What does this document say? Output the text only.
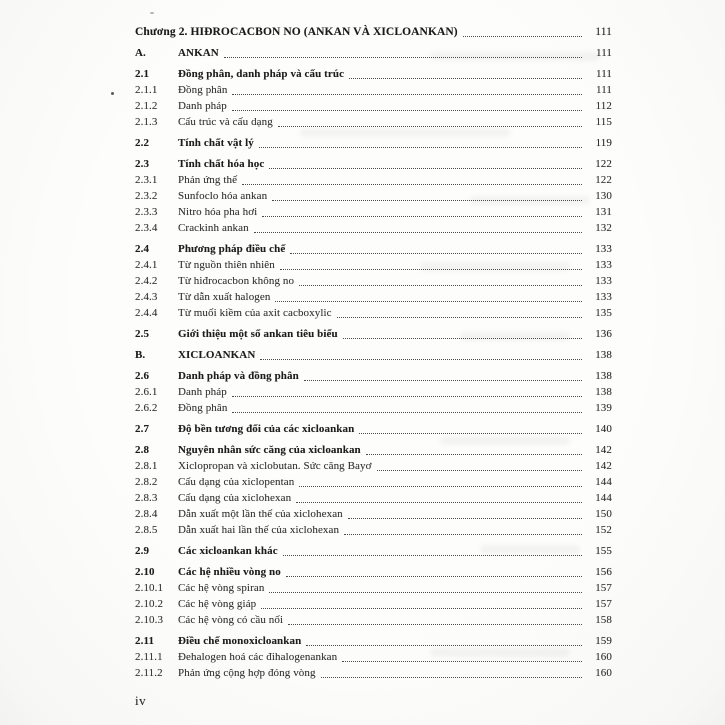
Chương 2. HIĐROCACBON NO (ANKAN VÀ XICLOANKAN)	111
A.	ANKAN	111
2.1	Đồng phân, danh pháp và cấu trúc	111
2.1.1	Đồng phân	111
2.1.2	Danh pháp	112
2.1.3	Cấu trúc và cấu dạng	115
2.2	Tính chất vật lý	119
2.3	Tính chất hóa học	122
2.3.1	Phản ứng thế	122
2.3.2	Sunfoclo hóa ankan	130
2.3.3	Nitro hóa pha hơi	131
2.3.4	Crackinh ankan	132
2.4	Phương pháp điều chế	133
2.4.1	Từ nguồn thiên nhiên	133
2.4.2	Từ hiđrocacbon không no	133
2.4.3	Từ dẫn xuất halogen	133
2.4.4	Từ muối kiềm của axit cacboxylic	135
2.5	Giới thiệu một số ankan tiêu biểu	136
B.	XICLOANKAN	138
2.6	Danh pháp và đồng phân	138
2.6.1	Danh pháp	138
2.6.2	Đồng phân	139
2.7	Độ bền tương đối của các xicloankan	140
2.8	Nguyên nhân sức căng của xicloankan	142
2.8.1	Xiclopropan và xiclobutan. Sức căng Bayơ	142
2.8.2	Cấu dạng của xiclopentan	144
2.8.3	Cấu dạng của xiclohexan	144
2.8.4	Dẫn xuất một lần thế của xiclohexan	150
2.8.5	Dẫn xuất hai lần thế của xiclohexan	152
2.9	Các xicloankan khác	155
2.10	Các hệ nhiều vòng no	156
2.10.1	Các hệ vòng spiran	157
2.10.2	Các hệ vòng giáp	157
2.10.3	Các hệ vòng có cầu nối	158
2.11	Điều chế monoxicloankan	159
2.11.1	Đehalogen hoá các đihalogenankan	160
2.11.2	Phản ứng cộng hợp đóng vòng	160
iv
